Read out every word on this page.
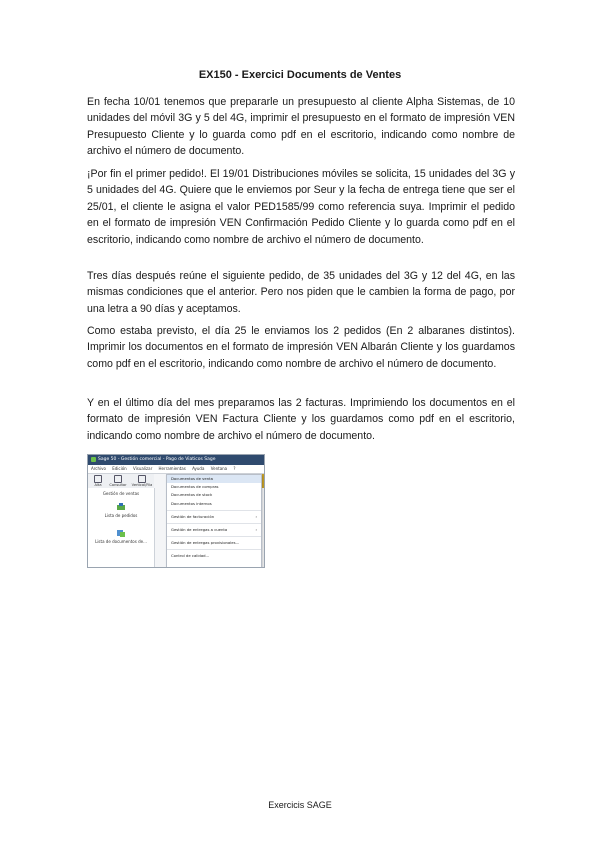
EX150 - Exercici Documents de Ventes
En fecha 10/01 tenemos que prepararle un presupuesto al cliente Alpha Sistemas, de 10 unidades del móvil 3G y 5 del 4G, imprimir el presupuesto en el formato de impresión VEN Presupuesto Cliente y lo guarda como pdf en el escritorio, indicando como nombre de archivo el número de documento.
¡Por fin el primer pedido!. El 19/01 Distribuciones móviles se solicita, 15 unidades del 3G y 5 unidades del 4G. Quiere que le enviemos por Seur y la fecha de entrega tiene que ser el 25/01, el cliente le asigna el valor PED1585/99 como referencia suya. Imprimir el pedido en el formato de impresión VEN Confirmación Pedido Cliente y lo guarda como pdf en el escritorio, indicando como nombre de archivo el número de documento.
Tres días después reúne el siguiente pedido, de 35 unidades del 3G y 12 del 4G, en las mismas condiciones que el anterior. Pero nos piden que le cambien la forma de pago, por una letra a 90 días y aceptamos.
Como estaba previsto, el día 25 le enviamos los 2 pedidos (En 2 albaranes distintos). Imprimir los documentos en el formato de impresión VEN Albarán Cliente y los guardamos como pdf en el escritorio, indicando como nombre de archivo el número de documento.
Y en el último día del mes preparamos las 2 facturas. Imprimiendo los documentos en el formato de impresión VEN Factura Cliente y los guardamos como pdf en el escritorio, indicando como nombre de archivo el número de documento.
Sage 50 - Gestión comercial - Pago de Viaticos Sage
Archivo Edición Visualizar Herramientas Ayuda Ventana ?
Alta	Consultar	Vertical/Fila
Gestión de ventas
Lista de pedidos
Lista de documentos de...
Documentos de venta
Documentos de compras
Documentos de stock
Documentos internos
Gestión de facturación	›
Gestión de entregas a cuenta	›
Gestión de entregas provisionales...
Control de calidad...
Exercicis SAGE
